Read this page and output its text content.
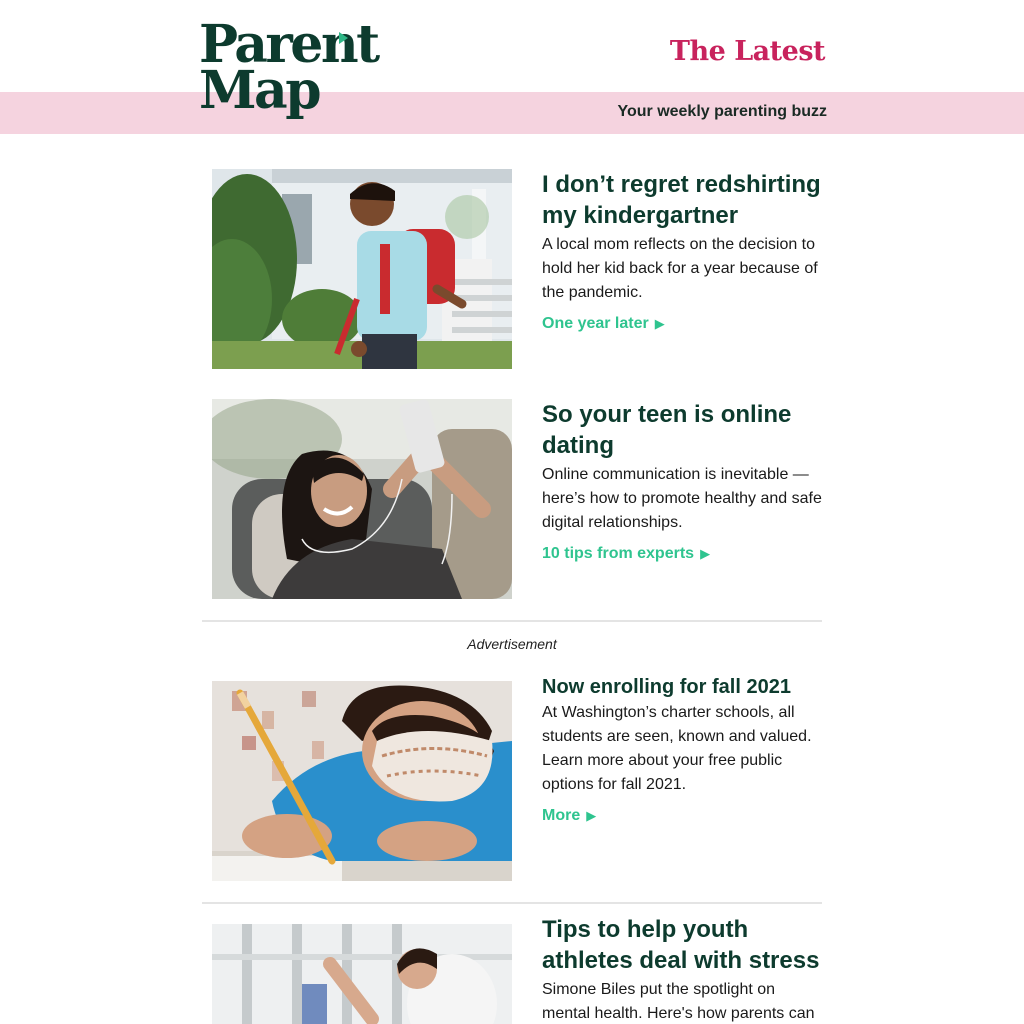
Parent
Map
The Latest
Your weekly parenting buzz
I don’t regret redshirting my kindergartner
A local mom reflects on the decision to hold her kid back for a year because of the pandemic.
One year later ▶
So your teen is online dating
Online communication is inevitable — here’s how to promote healthy and safe digital relationships.
10 tips from experts ▶
Advertisement
Now enrolling for fall 2021
At Washington’s charter schools, all students are seen, known and valued. Learn more about your free public options for fall 2021.
More ▶
Tips to help youth athletes deal with stress
Simone Biles put the spotlight on mental health. Here's how parents can
